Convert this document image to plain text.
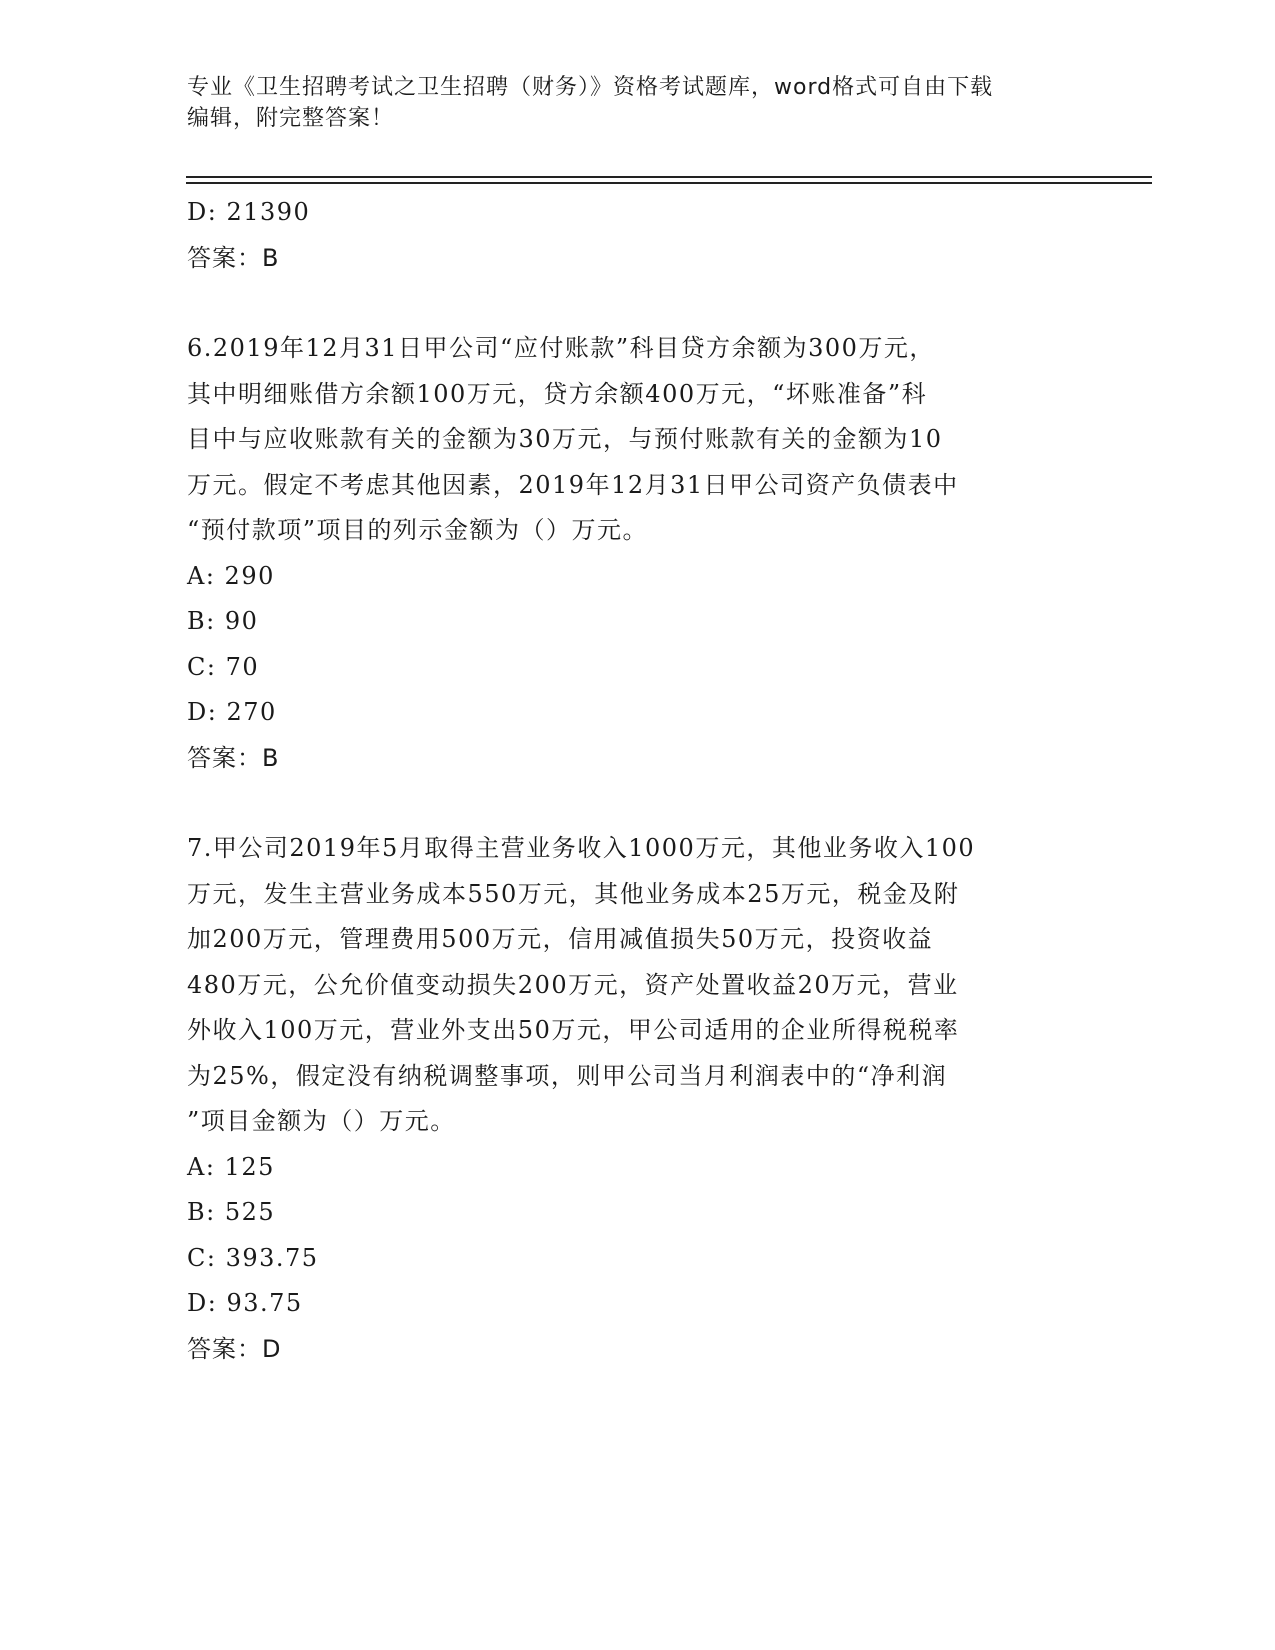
专业《卫生招聘考试之卫生招聘（财务）》资格考试题库，word格式可自由下载
编辑，附完整答案！
D: 21390
答案：B
6.2019年12月31日甲公司“应付账款”科目贷方余额为300万元，
其中明细账借方余额100万元，贷方余额400万元，“坏账准备”科
目中与应收账款有关的金额为30万元，与预付账款有关的金额为10
万元。假定不考虑其他因素，2019年12月31日甲公司资产负债表中
“预付款项”项目的列示金额为（）万元。
A: 290
B: 90
C: 70
D: 270
答案：B
7.甲公司2019年5月取得主营业务收入1000万元，其他业务收入100
万元，发生主营业务成本550万元，其他业务成本25万元，税金及附
加200万元，管理费用500万元，信用减值损失50万元，投资收益
480万元，公允价值变动损失200万元，资产处置收益20万元，营业
外收入100万元，营业外支出50万元，甲公司适用的企业所得税税率
为25%，假定没有纳税调整事项，则甲公司当月利润表中的“净利润
”项目金额为（）万元。
A: 125
B: 525
C: 393.75
D: 93.75
答案：D
